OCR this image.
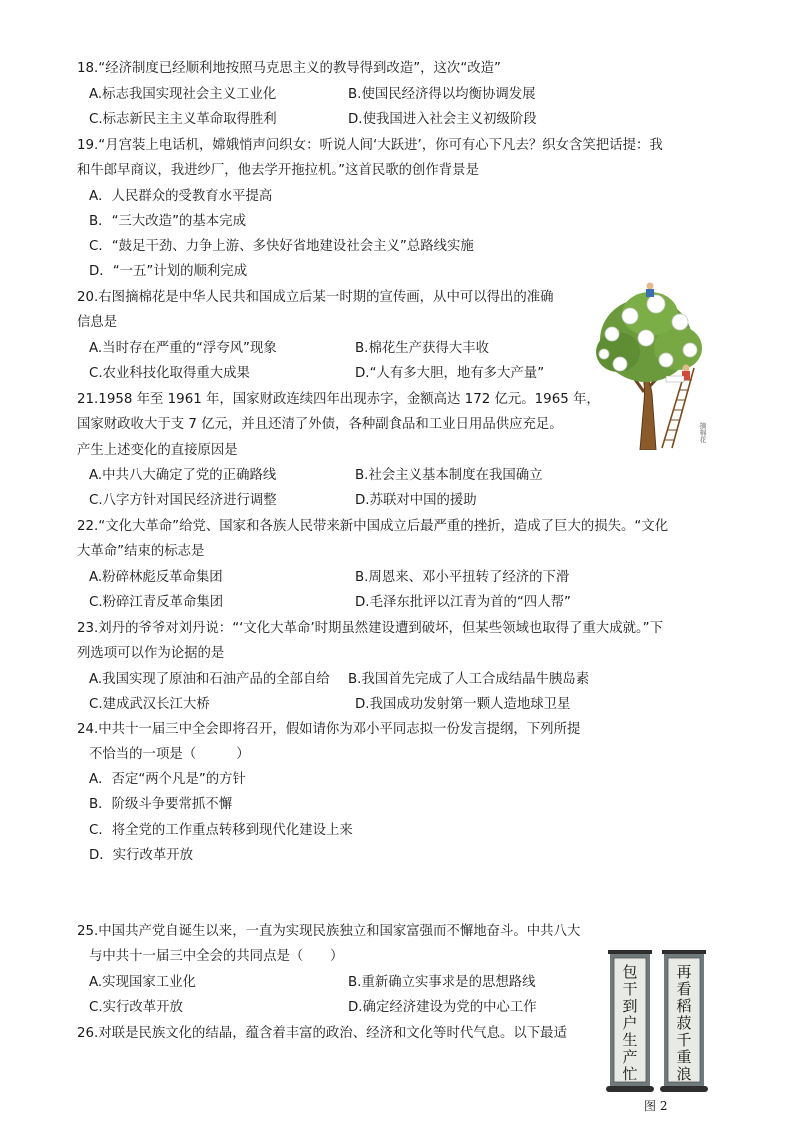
18.“经济制度已经顺利地按照马克思主义的教导得到改造”，这次“改造”
A.标志我国实现社会主义工业化	B.使国民经济得以均衡协调发展
C.标志新民主主义革命取得胜利	D.使我国进入社会主义初级阶段
19.“月宫装上电话机，嫦娥悄声问织女：听说人间‘大跃进’，你可有心下凡去？织女含笑把话提：我
和牛郎早商议，我进纱厂，他去学开拖拉机。”这首民歌的创作背景是
A．人民群众的受教育水平提高
B．“三大改造”的基本完成
C．“鼓足干劲、力争上游、多快好省地建设社会主义”总路线实施
D．“一五”计划的顺利完成
20.右图摘棉花是中华人民共和国成立后某一时期的宣传画，从中可以得出的准确
信息是
A.当时存在严重的“浮夸风”现象	B.棉花生产获得大丰收
C.农业科技化取得重大成果	D.“人有多大胆，地有多大产量”
摘棉花
21.1958 年至 1961 年，国家财政连续四年出现赤字，金额高达 172 亿元。1965 年，
国家财政收大于支 7 亿元，并且还清了外债，各种副食品和工业日用品供应充足。
产生上述变化的直接原因是
A.中共八大确定了党的正确路线	B.社会主义基本制度在我国确立
C.八字方针对国民经济进行调整	D.苏联对中国的援助
22.“文化大革命”给党、国家和各族人民带来新中国成立后最严重的挫折，造成了巨大的损失。“文化
大革命”结束的标志是
A.粉碎林彪反革命集团	B.周恩来、邓小平扭转了经济的下滑
C.粉碎江青反革命集团	D.毛泽东批评以江青为首的“四人帮”
23.刘丹的爷爷对刘丹说：“‘文化大革命’时期虽然建设遭到破坏，但某些领域也取得了重大成就。”下
列选项可以作为论据的是
A.我国实现了原油和石油产品的全部自给 B.我国首先完成了人工合成结晶牛胰岛素
C.建成武汉长江大桥	D.我国成功发射第一颗人造地球卫星
24.中共十一届三中全会即将召开，假如请你为邓小平同志拟一份发言提纲，下列所提
不恰当的一项是（　　　）
A．否定“两个凡是”的方针
B．阶级斗争要常抓不懈
C．将全党的工作重点转移到现代化建设上来
D．实行改革开放
25.中国共产党自诞生以来，一直为实现民族独立和国家富强而不懈地奋斗。中共八大
与中共十一届三中全会的共同点是（　　）
A.实现国家工业化	B.重新确立实事求是的思想路线
C.实行改革开放	D.确定经济建设为党的中心工作
26.对联是民族文化的结晶，蕴含着丰富的政治、经济和文化等时代气息。以下最适
包
干
到
户
生
产
忙
再
看
稻
菽
千
重
浪
图 2
